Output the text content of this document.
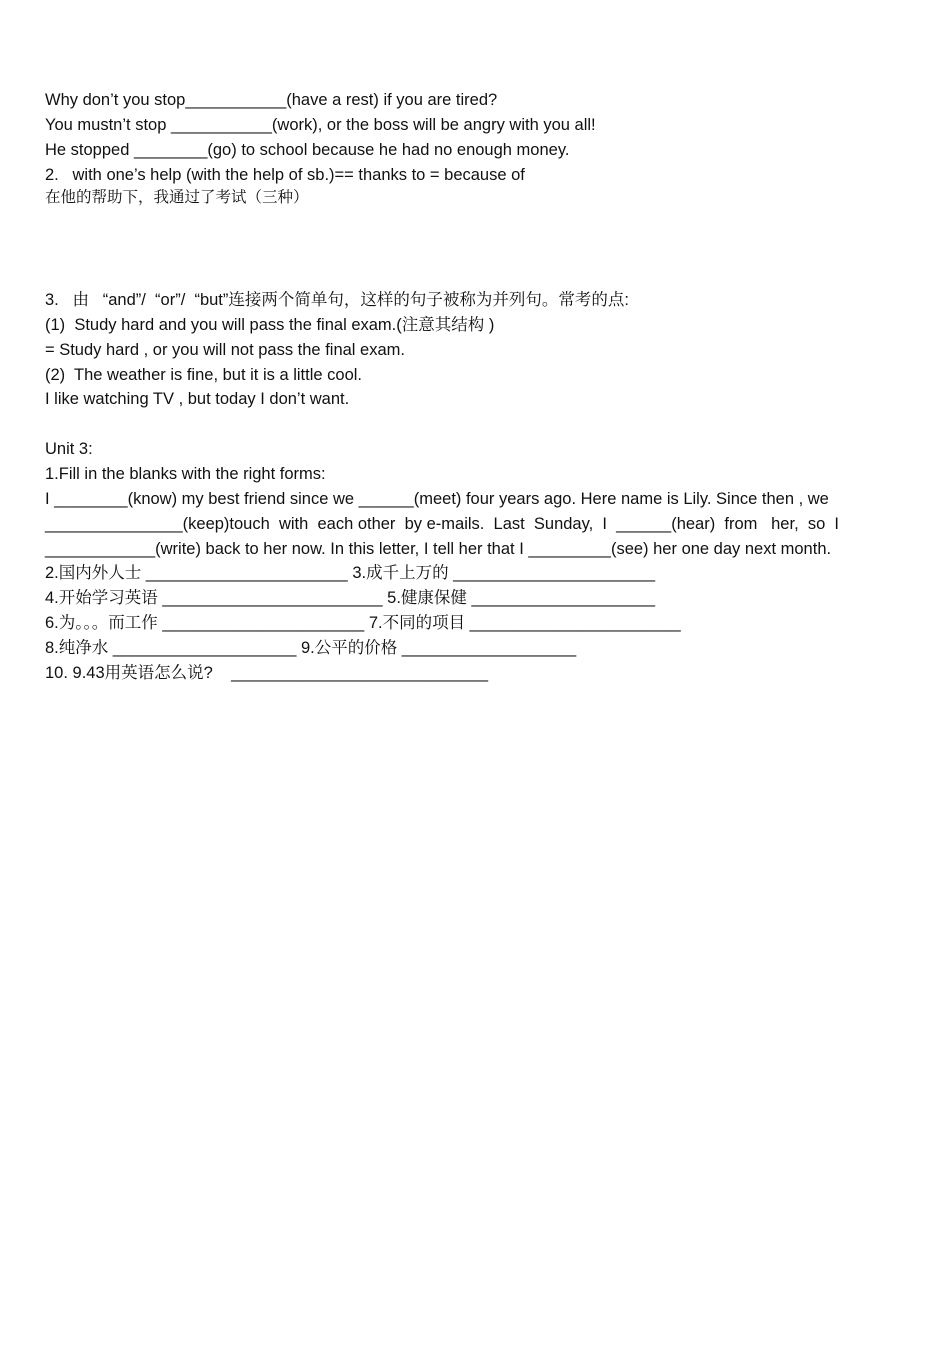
Why don’t you stop___________(have a rest) if you are tired?
You mustn’t stop ___________(work), or the boss will be angry with you all!
He stopped ________(go) to school because he had no enough money.
2.   with one’s help (with the help of sb.)== thanks to = because of
在他的帮助下，我通过了考试（三种）
3.   由   “and”/  “or”/  “but”连接两个简单句，这样的句子被称为并列句。常考的点:
(1)  Study hard and you will pass the final exam.(注意其结构 )
= Study hard , or you will not pass the final exam.
(2)  The weather is fine, but it is a little cool.
I like watching TV , but today I don’t want.
Unit 3:
1.Fill in the blanks with the right forms:
I ________(know) my best friend since we ______(meet) four years ago. Here name is Lily. Since then , we
_______________(keep)touch  with  each other  by e-mails.  Last  Sunday,  I  ______(hear)  from   her,  so  I
____________(write) back to her now. In this letter, I tell her that I _________(see) her one day next month.
2.国内外人士 ______________________ 3.成千上万的 ______________________
4.开始学习英语 ________________________ 5.健康保健 ____________________
6.为。。。而工作 ______________________ 7.不同的项目 _______________________
8.纯净水 ____________________ 9.公平的价格 ___________________
10. 9.43用英语怎么说?    ____________________________
